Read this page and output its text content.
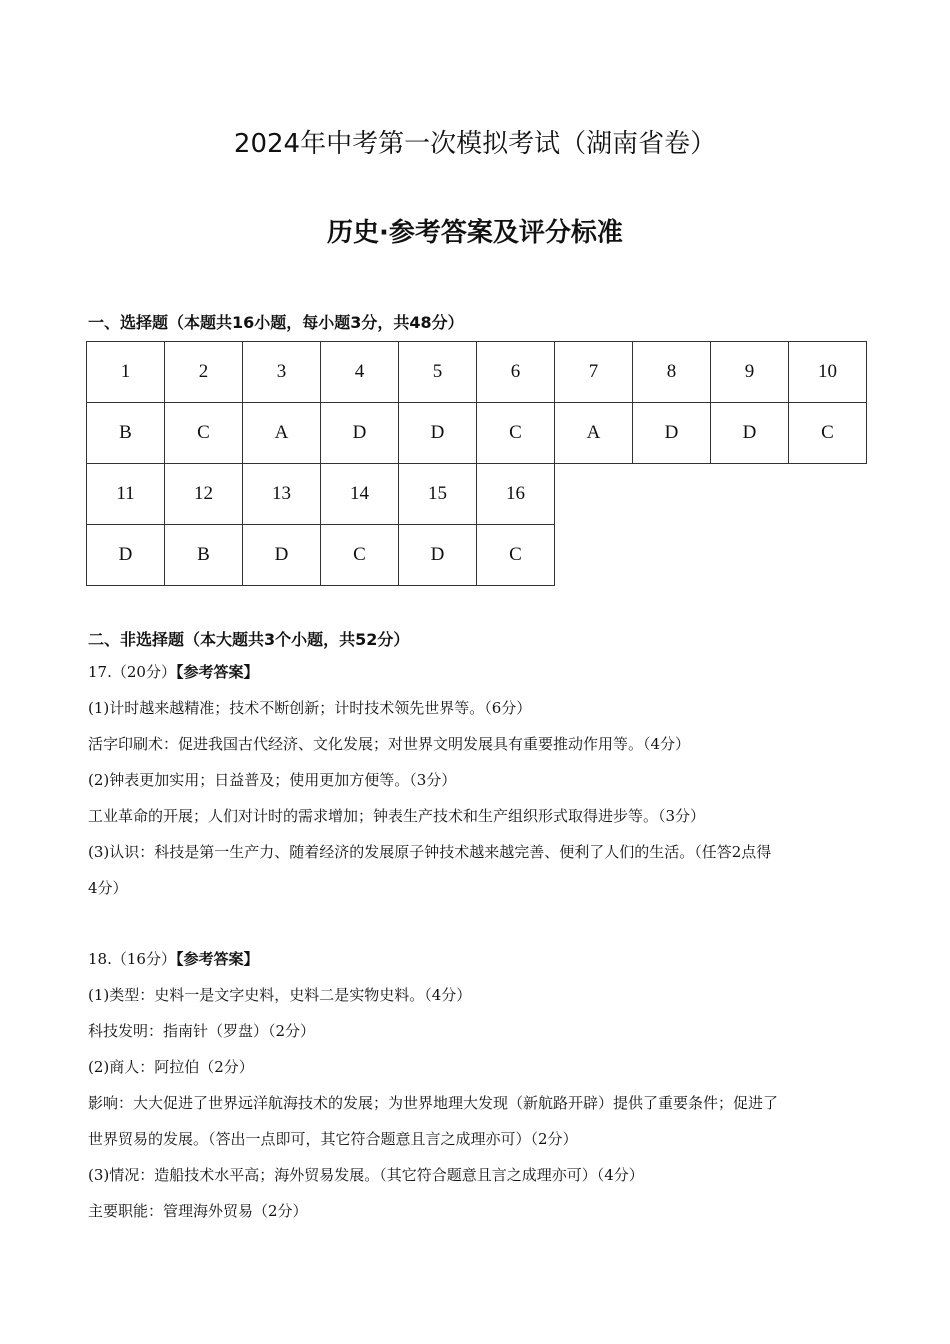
2024年中考第一次模拟考试（湖南省卷）
历史·参考答案及评分标准
一、选择题（本题共16小题，每小题3分，共48分）
1	2	3	4	5	6	7	8	9	10
B	C	A	D	D	C	A	D	D	C
11	12	13	14	15	16				
D	B	D	C	D	C				
二、非选择题（本大题共3个小题，共52分）
17.（20分）【参考答案】
(1)计时越来越精准；技术不断创新；计时技术领先世界等。（6分）
活字印刷术：促进我国古代经济、文化发展；对世界文明发展具有重要推动作用等。（4分）
(2)钟表更加实用；日益普及；使用更加方便等。（3分）
工业革命的开展；人们对计时的需求增加；钟表生产技术和生产组织形式取得进步等。（3分）
(3)认识：科技是第一生产力、随着经济的发展原子钟技术越来越完善、便利了人们的生活。（任答2点得
4分）
18.（16分）【参考答案】
(1)类型：史料一是文字史料，史料二是实物史料。（4分）
科技发明：指南针（罗盘）（2分）
(2)商人：阿拉伯（2分）
影响：大大促进了世界远洋航海技术的发展；为世界地理大发现（新航路开辟）提供了重要条件；促进了
世界贸易的发展。（答出一点即可，其它符合题意且言之成理亦可）（2分）
(3)情况：造船技术水平高；海外贸易发展。（其它符合题意且言之成理亦可）（4分）
主要职能：管理海外贸易（2分）
